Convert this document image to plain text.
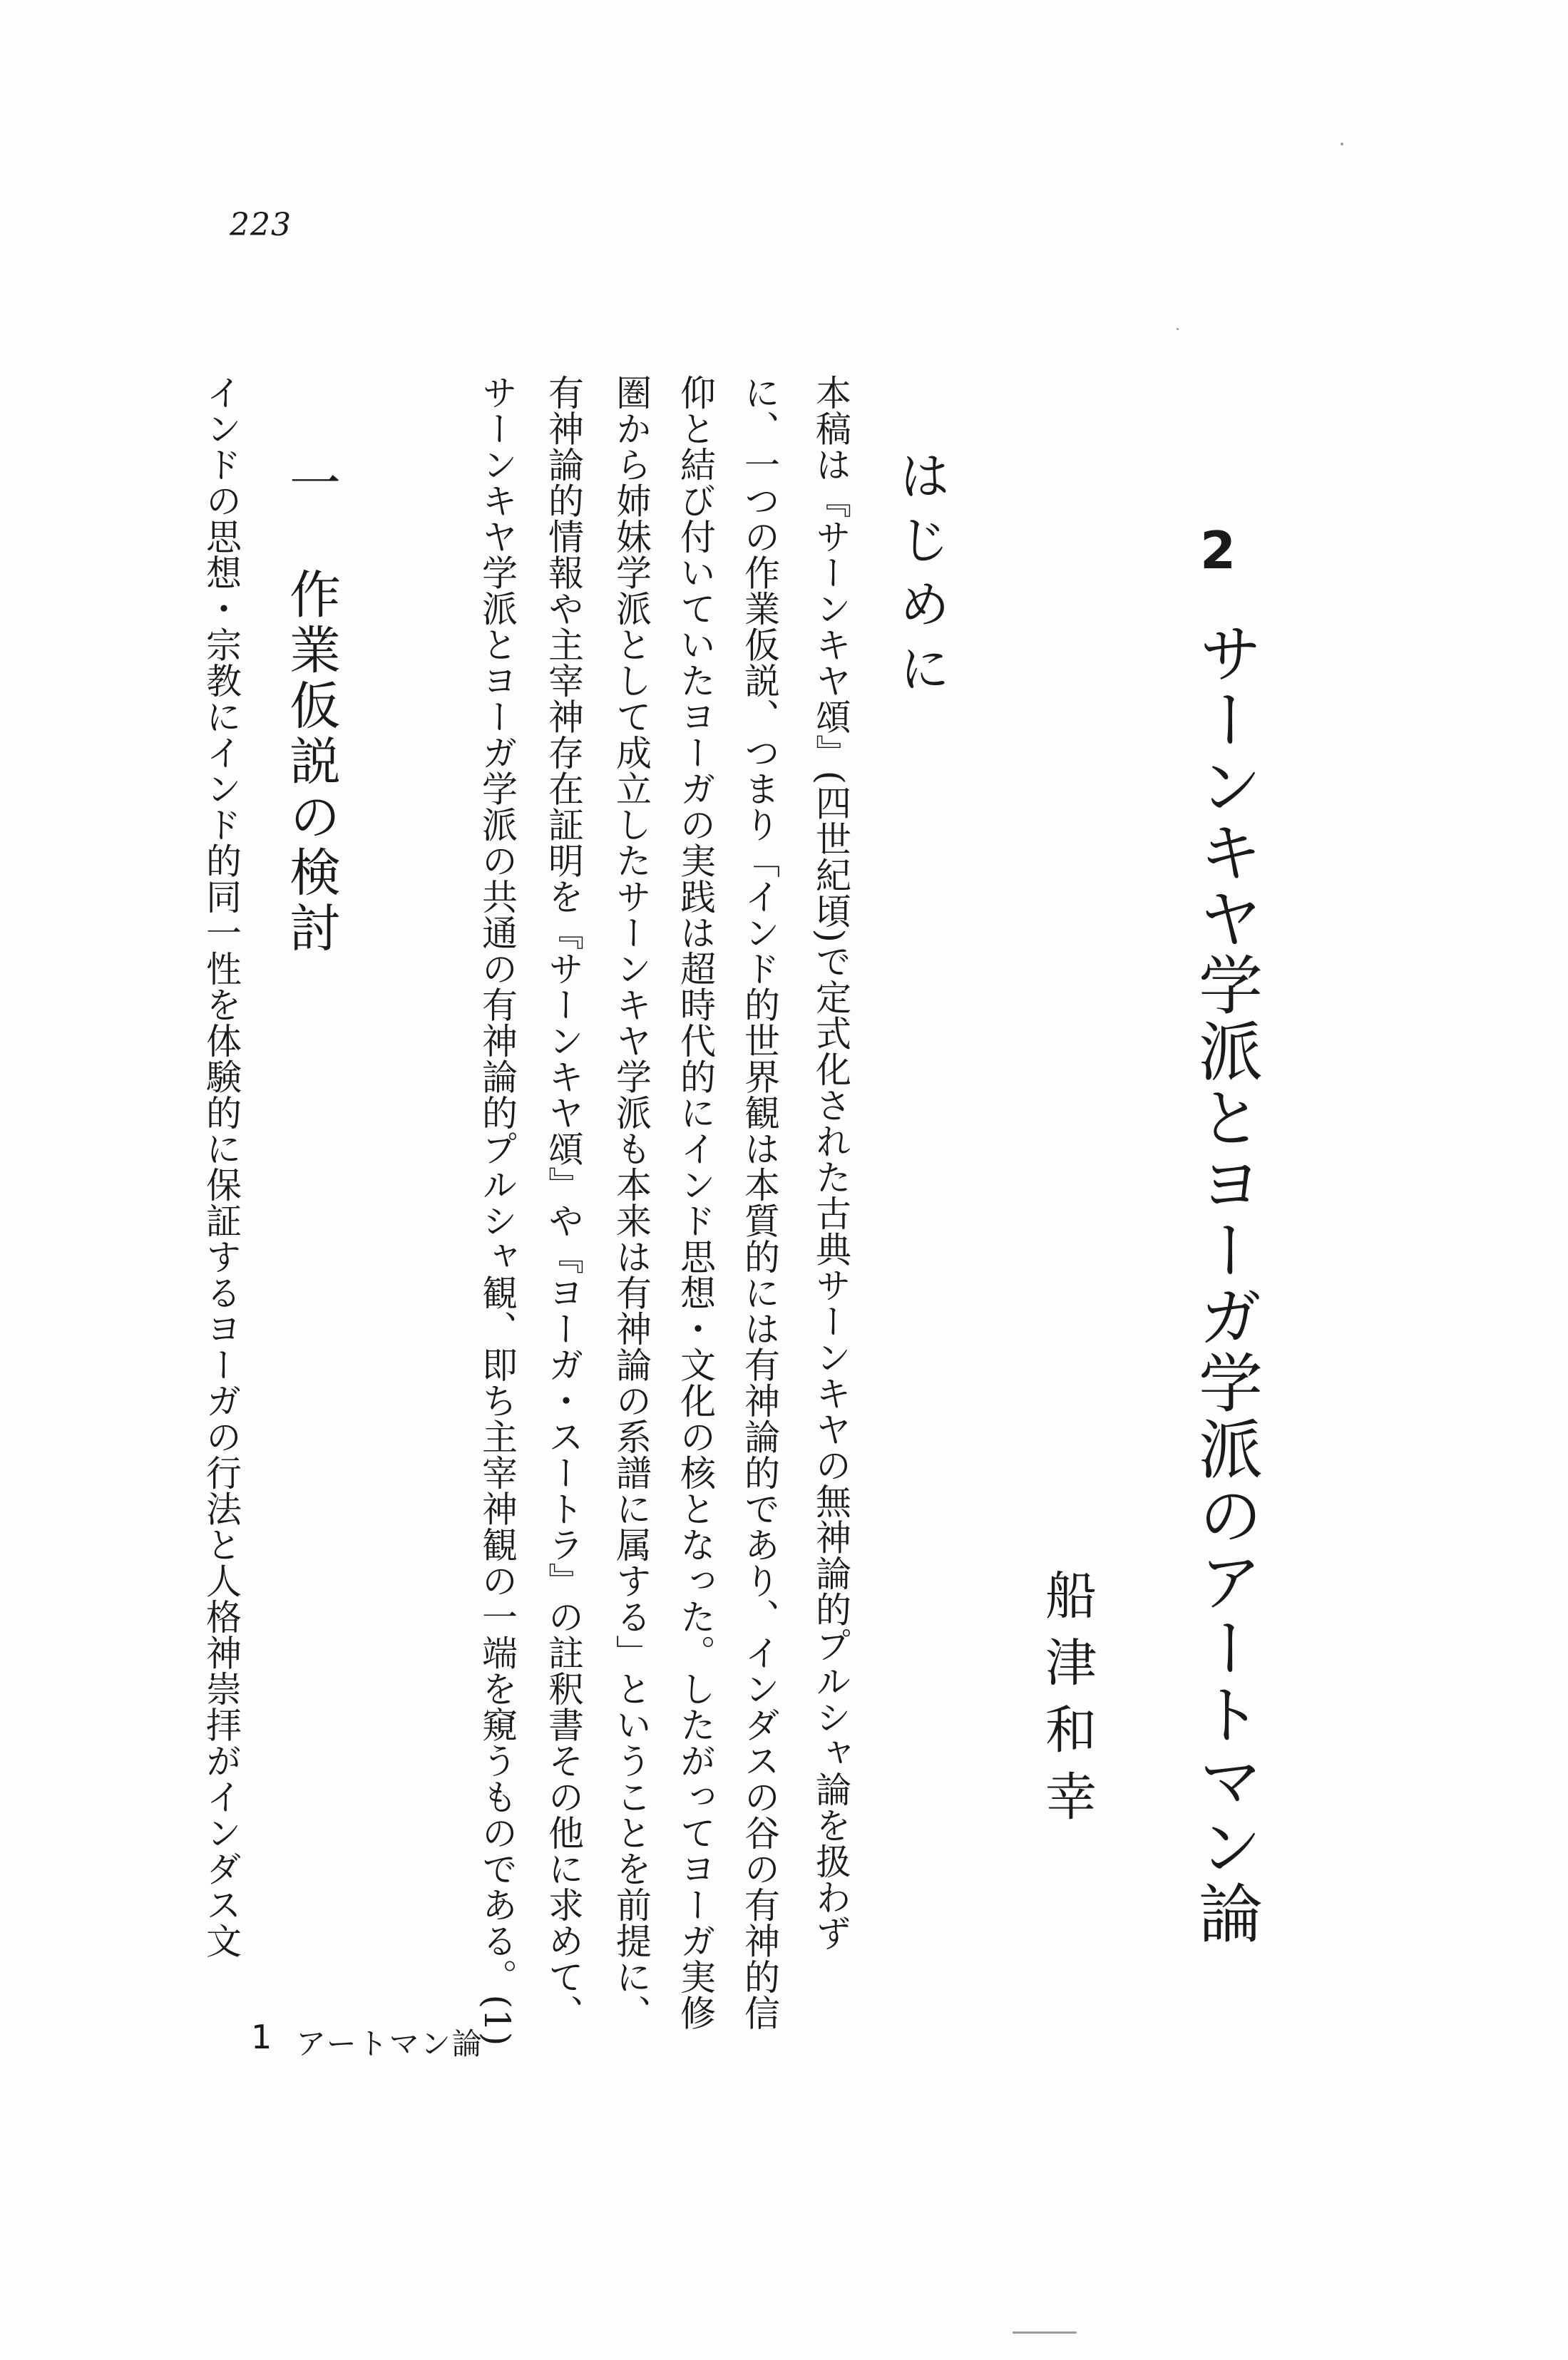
223
2
サーンキヤ学派とヨーガ学派のアートマン論
船津和幸
はじめに
本稿は『サーンキヤ頌』(四世紀頃)で定式化された古典サーンキヤの無神論的プルシャ論を扱わず
に、一つの作業仮説、つまり「インド的世界観は本質的には有神論的であり、インダスの谷の有神的信
仰と結び付いていたヨーガの実践は超時代的にインド思想・文化の核となった。したがってヨーガ実修
圏から姉妹学派として成立したサーンキヤ学派も本来は有神論の系譜に属する」ということを前提に、
有神論的情報や主宰神存在証明を『サーンキヤ頌』や『ヨーガ・スートラ』の註釈書その他に求めて、
サーンキヤ学派とヨーガ学派の共通の有神論的プルシャ観、即ち主宰神観の一端を窺うものである。(1)
一　作業仮説の検討
インドの思想・宗教にインド的同一性を体験的に保証するヨーガの行法と人格神崇拝がインダス文
1 アートマン論
